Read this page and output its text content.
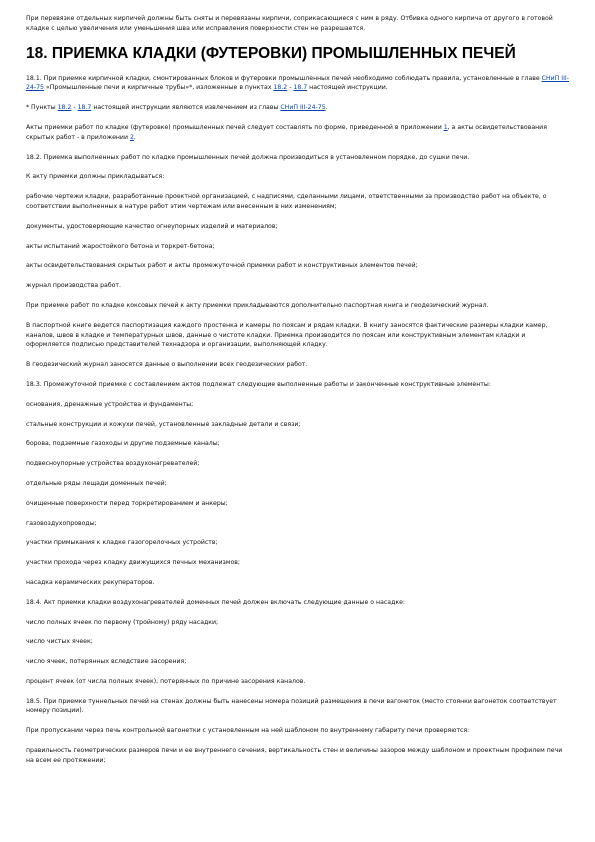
При перевязке отдельных кирпичей должны быть сняты и перевязаны кирпичи, соприкасающиеся с ним в ряду. Отбивка одного кирпича от другого в готовой кладке с целью увеличения или уменьшения шва или исправления поверхности стен не разрешается.

18. ПРИЕМКА КЛАДКИ (ФУТЕРОВКИ) ПРОМЫШЛЕННЫХ ПЕЧЕЙ

18.1. При приемке кирпичной кладки, смонтированных блоков и футеровки промышленных печей необходимо соблюдать правила, установленные в главе СНиП III-24-75 «Промышленные печи и кирпичные трубы»*, изложенные в пунктах 18.2 - 18.7 настоящей инструкции.

* Пункты 18.2 - 18.7 настоящей инструкции являются извлечением из главы СНиП III-24-75.

Акты приемки работ по кладке (футеровке) промышленных печей следует составлять по форме, приведенной в приложении 1, а акты освидетельствования скрытых работ - в приложении 2.

18.2. Приемка выполненных работ по кладке промышленных печей должна производиться в установленном порядке, до сушки печи.

К акту приемки должны прикладываться:

рабочие чертежи кладки, разработанные проектной организацией, с надписями, сделанными лицами, ответственными за производство работ на объекте, о соответствии выполненных в натуре работ этим чертежам или внесенным в них изменениям;

документы, удостоверяющие качество огнеупорных изделий и материалов;

акты испытаний жаростойкого бетона и торкрет-бетона;

акты освидетельствования скрытых работ и акты промежуточной приемки работ и конструктивных элементов печей;

журнал производства работ.

При приемке работ по кладке коксовых печей к акту приемки прикладываются дополнительно паспортная книга и геодезический журнал.

В паспортной книге ведется паспортизация каждого простенка и камеры по поясам и рядам кладки. В книгу заносятся фактические размеры кладки камер, каналов, швов в кладке и температурных швов, данные о чистоте кладки. Приемка производится по поясам или конструктивным элементам кладки и оформляется подписью представителей технадзора и организации, выполняющей кладку.

В геодезический журнал заносятся данные о выполнении всех геодезических работ.

18.3. Промежуточной приемке с составлением актов подлежат следующие выполненные работы и законченные конструктивные элементы:

основания, дренажные устройства и фундаменты;

стальные конструкции и кожухи печей, установленные закладные детали и связи;

борова, подземные газоходы и другие подземные каналы;

подвесноупорные устройства воздухонагревателей;

отдельные ряды лещади доменных печей;

очищенные поверхности перед торкретированием и анкеры;

газовоздухопроводы;

участки примыкания к кладке газогорелочных устройств;

участки прохода через кладку движущихся печных механизмов;

насадка керамических рекуператоров.

18.4. Акт приемки кладки воздухонагревателей доменных печей должен включать следующие данные о насадке:

число полных ячеек по первому (тройному) ряду насадки;

число чистых ячеек;

число ячеек, потерянных вследствие засорения;

процент ячеек (от числа полных ячеек), потерянных по причине засорения каналов.

18.5. При приемке туннельных печей на стенах должны быть нанесены номера позиций размещения в печи вагонеток (место стоянки вагонеток соответствует номеру позиции).

При пропускании через печь контрольной вагонетки с установленным на ней шаблоном по внутреннему габариту печи проверяются:

правильность геометрических размеров печи и ее внутреннего сечения, вертикальность стен и величины зазоров между шаблоном и проектным профилем печи на всем ее протяжении;
